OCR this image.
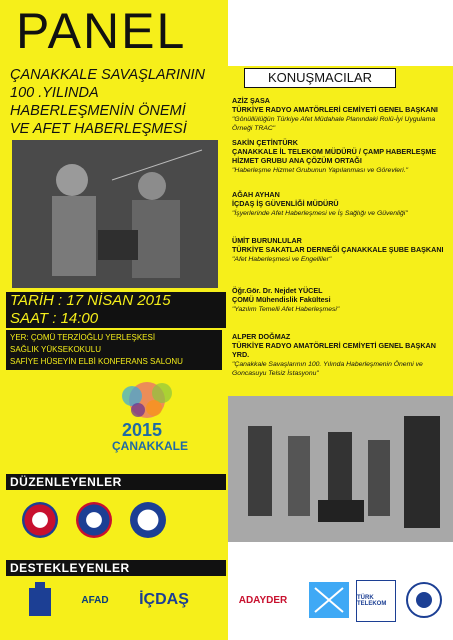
PANEL
ÇANAKKALE SAVAŞLARININ
100 .YILINDA
HABERLEŞMENİN ÖNEMİ
VE AFET HABERLEŞMESİ
TARİH : 17 NİSAN 2015
SAAT : 14:00
YER: ÇOMÜ TERZİOĞLU YERLEŞKESİ
SAĞLIK YÜKSEKOKULU
SAFİYE HÜSEYİN ELBİ KONFERANS SALONU
2015
ÇANAKKALE
KONUŞMACILAR
AZİZ ŞASA
TÜRKİYE RADYO AMATÖRLERİ CEMİYETİ GENEL BAŞKANI
"Gönüllülüğün Türkiye Afet Müdahale Planındaki Rolü-İyi Uygulama Örneği TRAC"
SAKİN ÇETİNTÜRK
ÇANAKKALE İL TELEKOM MÜDÜRÜ / ÇAMP HABERLEŞME HİZMET GRUBU ANA ÇÖZÜM ORTAĞI
"Haberleşme Hizmet Grubunun Yapılanması ve Görevleri."
AĞAH AYHAN
İÇDAŞ İŞ GÜVENLİĞİ MÜDÜRÜ
"İşyerlerinde Afet Haberleşmesi ve İş Sağlığı ve Güvenliği"
ÜMİT BURUNLULAR
TÜRKİYE SAKATLAR DERNEĞİ ÇANAKKALE ŞUBE BAŞKANI
"Afet Haberleşmesi ve Engelliler"
Öğr.Gör. Dr. Nejdet YÜCEL
ÇOMÜ Mühendislik Fakültesi
"Yazılım Temelli Afet Haberleşmesi"
ALPER DOĞMAZ
TÜRKİYE RADYO AMATÖRLERİ CEMİYETİ GENEL BAŞKAN YRD.
"Çanakkale Savaşlarının 100. Yılında Haberleşmenin Önemi ve Goncasuyu Telsiz İstasyonu"
DÜZENLEYENLER
DESTEKLEYENLER
AFAD	İÇDAŞ	ADAYDER	TÜRK TELEKOM
